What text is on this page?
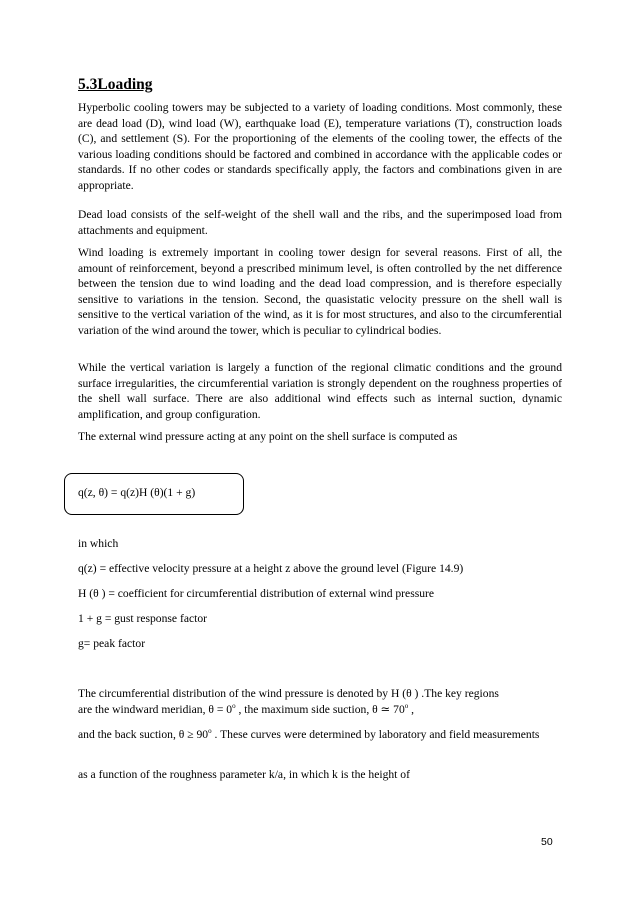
5.3Loading

Hyperbolic cooling towers may be subjected to a variety of loading conditions. Most commonly, these are dead load (D), wind load (W), earthquake load (E), temperature variations (T), construction loads (C), and settlement (S). For the proportioning of the elements of the cooling tower, the effects of the various loading conditions should be factored and combined in accordance with the applicable codes or standards. If no other codes or standards specifically apply, the factors and combinations given in are appropriate.

Dead load consists of the self-weight of the shell wall and the ribs, and the superimposed load from attachments and equipment.

Wind loading is extremely important in cooling tower design for several reasons. First of all, the amount of reinforcement, beyond a prescribed minimum level, is often controlled by the net difference between the tension due to wind loading and the dead load compression, and is therefore especially sensitive to variations in the tension. Second, the quasistatic velocity pressure on the shell wall is sensitive to the vertical variation of the wind, as it is for most structures, and also to the circumferential variation of the wind around the tower, which is peculiar to cylindrical bodies.

While the vertical variation is largely a function of the regional climatic conditions and the ground surface irregularities, the circumferential variation is strongly dependent on the roughness properties of the shell wall surface. There are also additional wind effects such as internal suction, dynamic amplification, and group configuration.

The external wind pressure acting at any point on the shell surface is computed as

q(z, θ) = q(z)H (θ)(1 + g)

in which

q(z) = effective velocity pressure at a height z above the ground level (Figure 14.9)

H (θ ) = coefficient for circumferential distribution of external wind pressure

1 + g = gust response factor

g= peak factor

The circumferential distribution of the wind pressure is denoted by H (θ ) .The key regions

are the windward meridian, $\theta = 0^o$ , the maximum side suction, θ ≃ 70$^o$ ,

and the back suction, $\theta \ge 90^o$ . These curves were determined by laboratory and field measurements

as a function of the roughness parameter k/a, in which k is the height of

50
